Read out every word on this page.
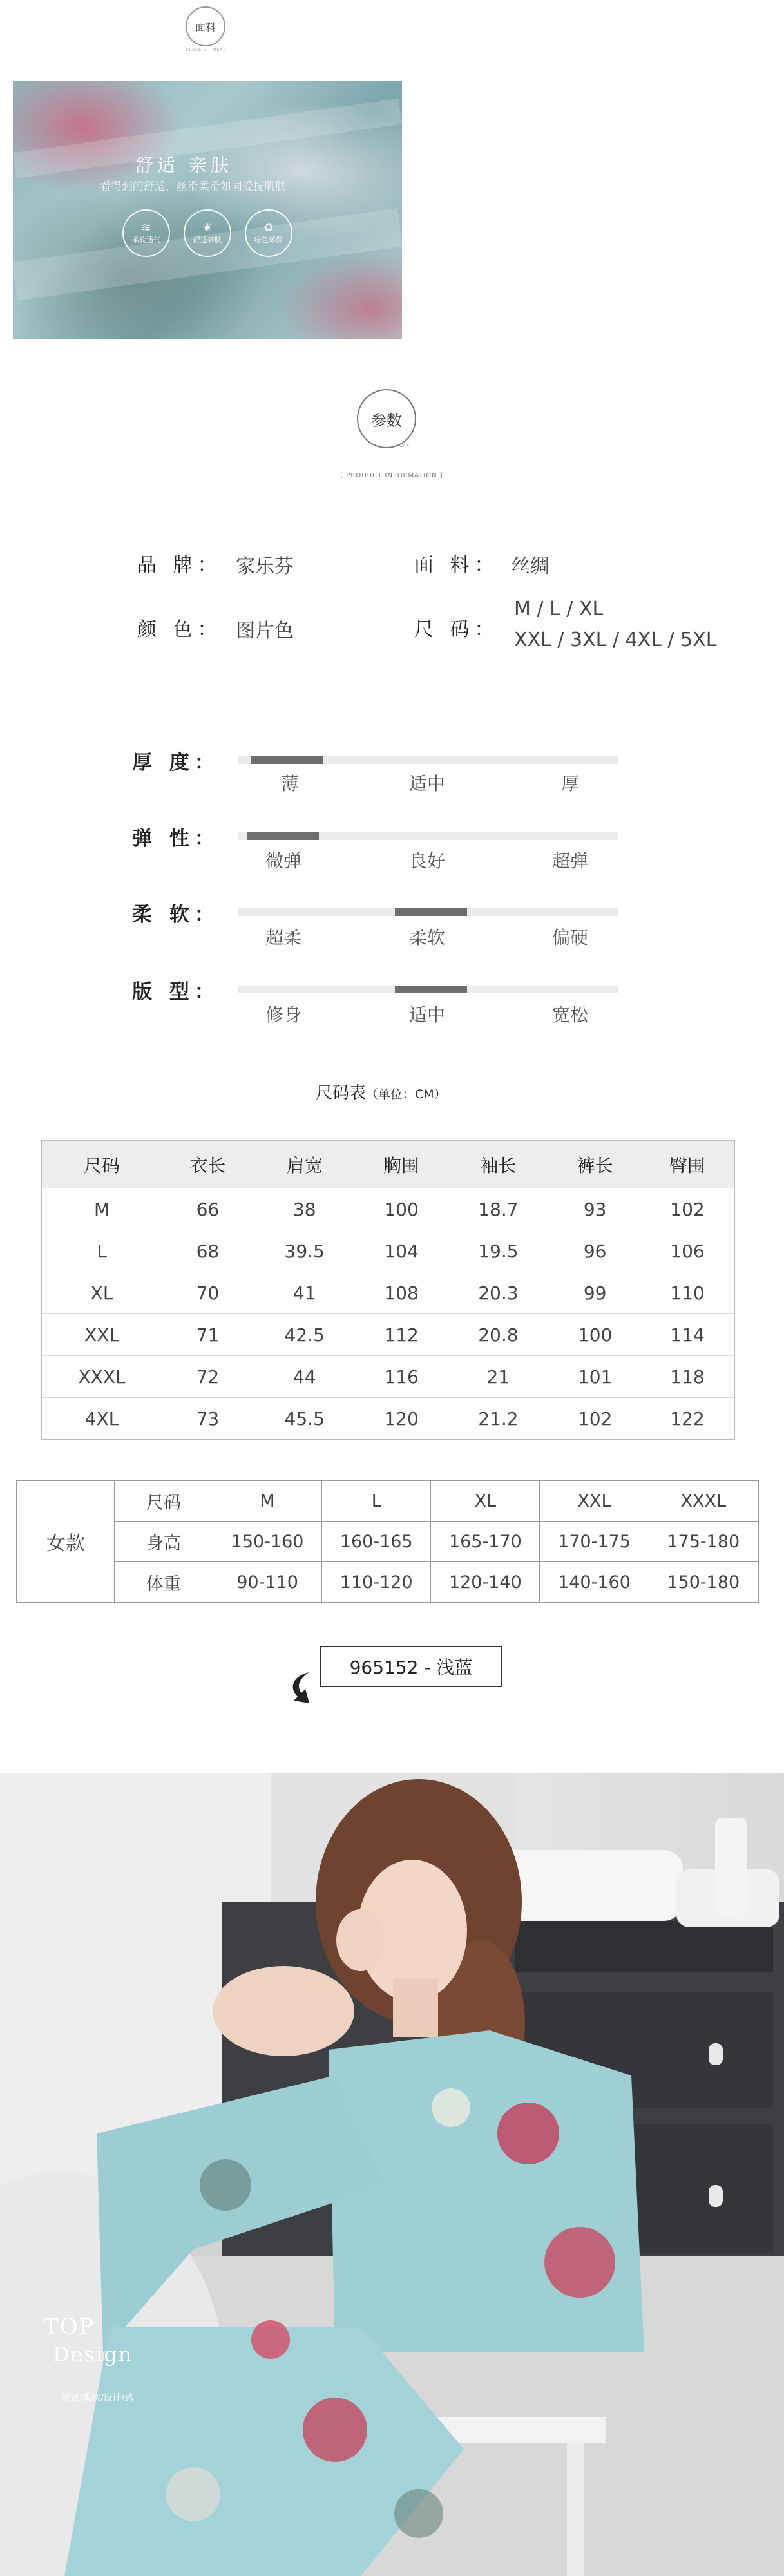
面料
CLASSIC · WEAR
舒适 亲肤
看得到的舒适，丝滑柔滑如同爱抚肌肤
≋
柔软透气
❦
舒适亲肤
♻
绿色环保
参数
CAN
[ PRODUCT INFORMATION ]
品 牌： 家乐芬	面 料： 丝绸
颜 色： 图片色	尺 码：
M / L / XL
XXL / 3XL / 4XL / 5XL
厚 度：
薄	适中	厚
弹 性：
微弹	良好	超弹
柔 软：
超柔	柔软	偏硬
版 型：
修身	适中	宽松
尺码表（单位：CM）
尺码	衣长	肩宽	胸围	袖长	裤长	臀围
M	66	38	100	18.7	93	102
L	68	39.5	104	19.5	96	106
XL	70	41	108	20.3	99	110
XXL	71	42.5	112	20.8	100	114
XXXL	72	44	116	21	101	118
4XL	73	45.5	120	21.2	102	122
女款	尺码	M	L	XL	XXL	XXXL
	身高	150-160	160-165	165-170	170-175	175-180
	体重	90-110	110-120	120-140	140-160	150-180
965152 - 浅蓝
TOP
Design
舒适/柔软/设计/感
